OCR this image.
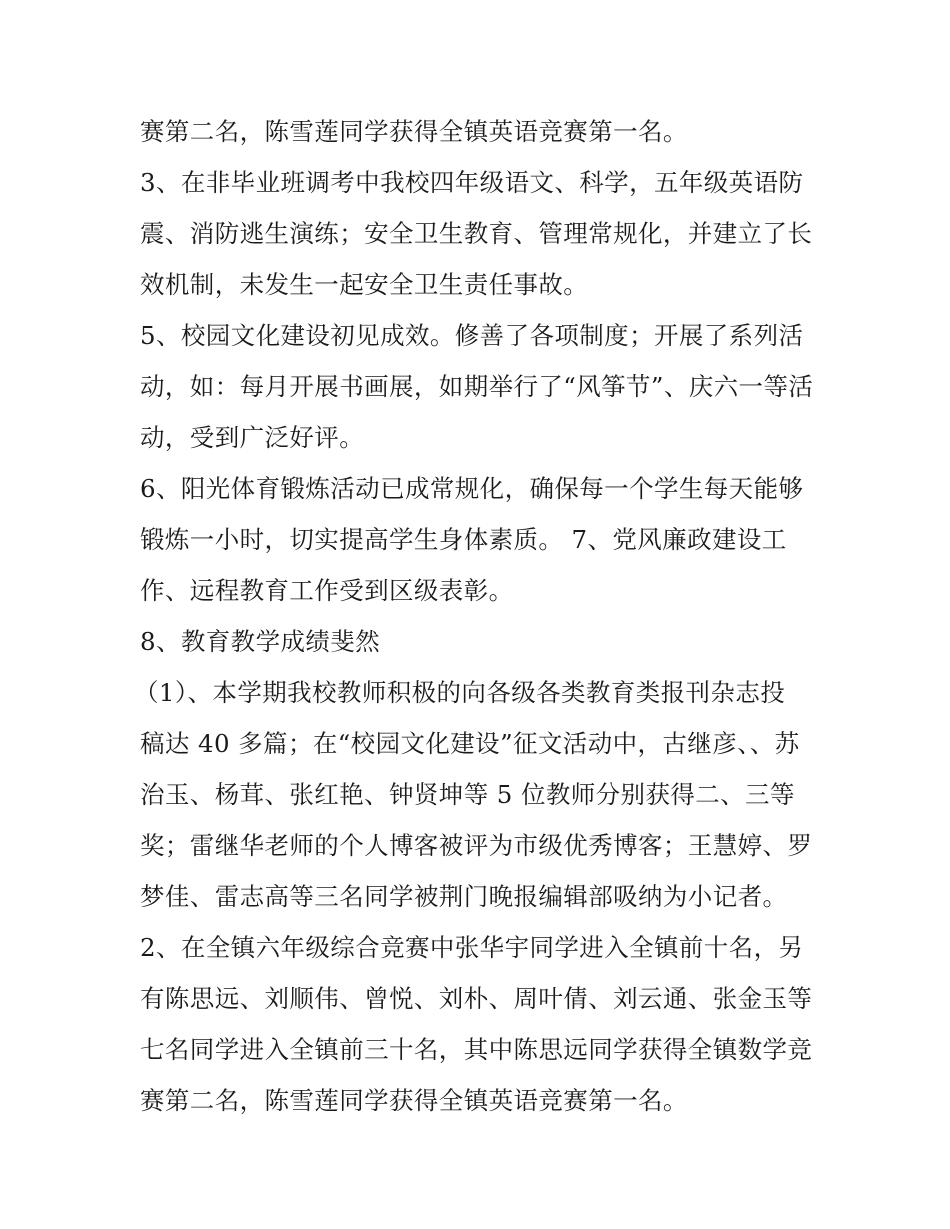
赛第二名，陈雪莲同学获得全镇英语竞赛第一名。
3、在非毕业班调考中我校四年级语文、科学，五年级英语防
震、消防逃生演练；安全卫生教育、管理常规化，并建立了长
效机制，未发生一起安全卫生责任事故。
5、校园文化建设初见成效。修善了各项制度；开展了系列活
动，如：每月开展书画展，如期举行了“风筝节”、庆六一等活
动，受到广泛好评。
6、阳光体育锻炼活动已成常规化，确保每一个学生每天能够
锻炼一小时，切实提高学生身体素质。 7、党风廉政建设工
作、远程教育工作受到区级表彰。
8、教育教学成绩斐然
（1）、本学期我校教师积极的向各级各类教育类报刊杂志投
稿达 40 多篇；在“校园文化建设”征文活动中，古继彦、、苏
治玉、杨茸、张红艳、钟贤坤等 5 位教师分别获得二、三等
奖；雷继华老师的个人博客被评为市级优秀博客；王慧婷、罗
梦佳、雷志高等三名同学被荆门晚报编辑部吸纳为小记者。
2、在全镇六年级综合竞赛中张华宇同学进入全镇前十名，另
有陈思远、刘顺伟、曾悦、刘朴、周叶倩、刘云通、张金玉等
七名同学进入全镇前三十名，其中陈思远同学获得全镇数学竞
赛第二名，陈雪莲同学获得全镇英语竞赛第一名。
